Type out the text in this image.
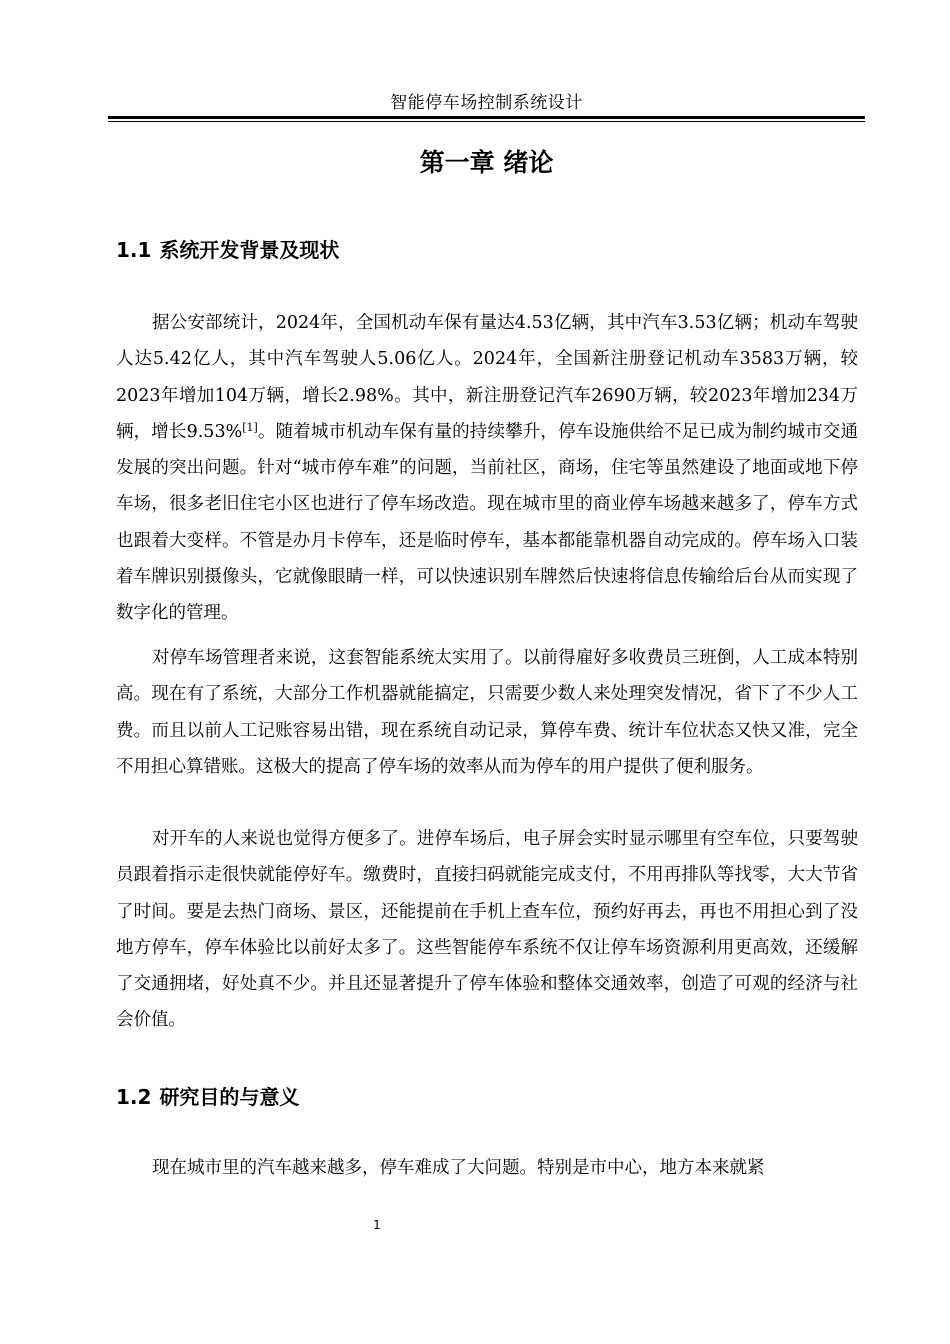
智能停车场控制系统设计
第一章 绪论
1.1 系统开发背景及现状

据公安部统计，2024年，全国机动车保有量达4.53亿辆，其中汽车3.53亿辆；机动车驾驶人达5.42亿人，其中汽车驾驶人5.06亿人。2024年，全国新注册登记机动车3583万辆，较2023年增加104万辆，增长2.98%。其中，新注册登记汽车2690万辆，较2023年增加234万辆，增长9.53%[1]。随着城市机动车保有量的持续攀升，停车设施供给不足已成为制约城市交通发展的突出问题。针对“城市停车难”的问题，当前社区，商场，住宅等虽然建设了地面或地下停车场，很多老旧住宅小区也进行了停车场改造。现在城市里的商业停车场越来越多了，停车方式也跟着大变样。不管是办月卡停车，还是临时停车，基本都能靠机器自动完成的。停车场入口装着车牌识别摄像头，它就像眼睛一样，可以快速识别车牌然后快速将信息传输给后台从而实现了数字化的管理。

对停车场管理者来说，这套智能系统太实用了。以前得雇好多收费员三班倒，人工成本特别高。现在有了系统，大部分工作机器就能搞定，只需要少数人来处理突发情况，省下了不少人工费。而且以前人工记账容易出错，现在系统自动记录，算停车费、统计车位状态又快又准，完全不用担心算错账。这极大的提高了停车场的效率从而为停车的用户提供了便利服务。

对开车的人来说也觉得方便多了。进停车场后，电子屏会实时显示哪里有空车位，只要驾驶员跟着指示走很快就能停好车。缴费时，直接扫码就能完成支付，不用再排队等找零，大大节省了时间。要是去热门商场、景区，还能提前在手机上查车位，预约好再去，再也不用担心到了没地方停车，停车体验比以前好太多了。这些智能停车系统不仅让停车场资源利用更高效，还缓解了交通拥堵，好处真不少。并且还显著提升了停车体验和整体交通效率，创造了可观的经济与社会价值。

1.2 研究目的与意义

现在城市里的汽车越来越多，停车难成了大问题。特别是市中心，地方本来就紧

1
